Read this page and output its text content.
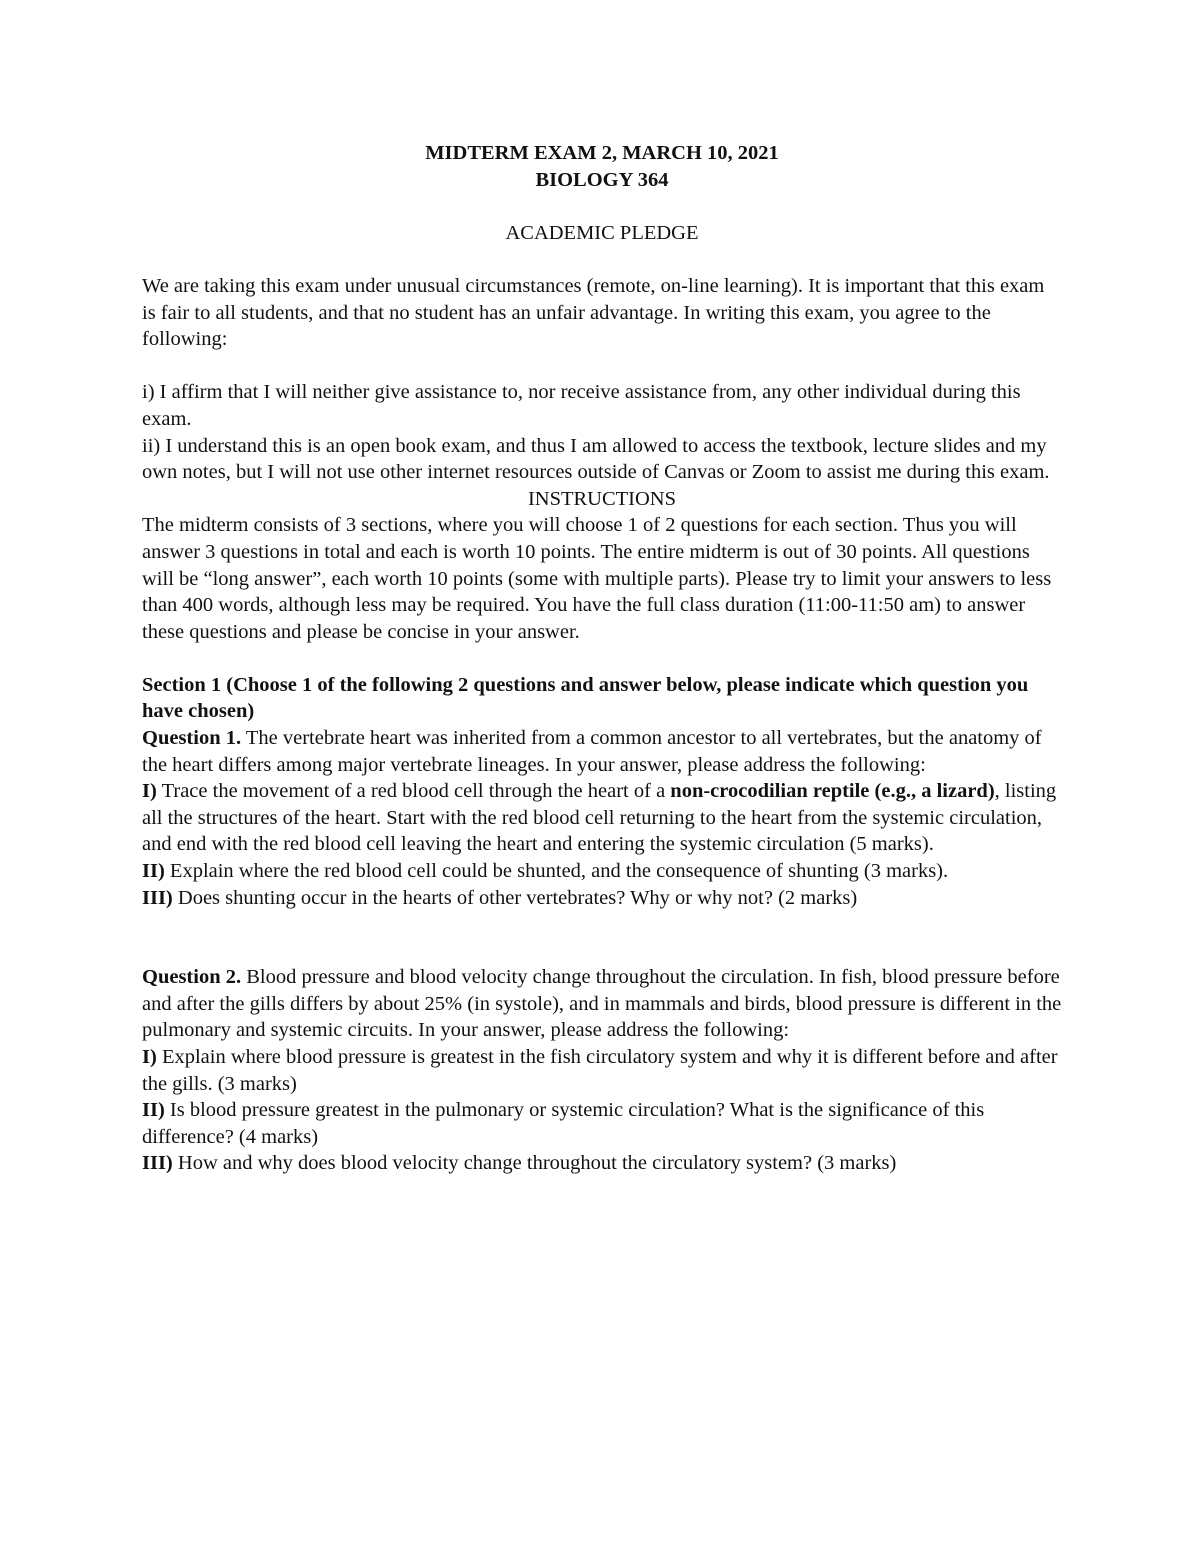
MIDTERM EXAM 2, MARCH 10, 2021

BIOLOGY 364

ACADEMIC PLEDGE

We are taking this exam under unusual circumstances (remote, on-line learning). It is important that this exam is fair to all students, and that no student has an unfair advantage. In writing this exam, you agree to the following:

i) I affirm that I will neither give assistance to, nor receive assistance from, any other individual during this exam.

ii) I understand this is an open book exam, and thus I am allowed to access the textbook, lecture slides and my own notes, but I will not use other internet resources outside of Canvas or Zoom to assist me during this exam.

INSTRUCTIONS

The midterm consists of 3 sections, where you will choose 1 of 2 questions for each section. Thus you will answer 3 questions in total and each is worth 10 points. The entire midterm is out of 30 points. All questions will be “long answer”, each worth 10 points (some with multiple parts). Please try to limit your answers to less than 400 words, although less may be required. You have the full class duration (11:00-11:50 am) to answer these questions and please be concise in your answer.

Section 1 (Choose 1 of the following 2 questions and answer below, please indicate which question you have chosen)

Question 1. The vertebrate heart was inherited from a common ancestor to all vertebrates, but the anatomy of the heart differs among major vertebrate lineages. In your answer, please address the following:

I) Trace the movement of a red blood cell through the heart of a non-crocodilian reptile (e.g., a lizard), listing all the structures of the heart. Start with the red blood cell returning to the heart from the systemic circulation, and end with the red blood cell leaving the heart and entering the systemic circulation (5 marks).

II) Explain where the red blood cell could be shunted, and the consequence of shunting (3 marks).

III) Does shunting occur in the hearts of other vertebrates? Why or why not? (2 marks)

Question 2. Blood pressure and blood velocity change throughout the circulation. In fish, blood pressure before and after the gills differs by about 25% (in systole), and in mammals and birds, blood pressure is different in the pulmonary and systemic circuits. In your answer, please address the following:

I) Explain where blood pressure is greatest in the fish circulatory system and why it is different before and after the gills. (3 marks)

II) Is blood pressure greatest in the pulmonary or systemic circulation? What is the significance of this difference? (4 marks)

III) How and why does blood velocity change throughout the circulatory system? (3 marks)
